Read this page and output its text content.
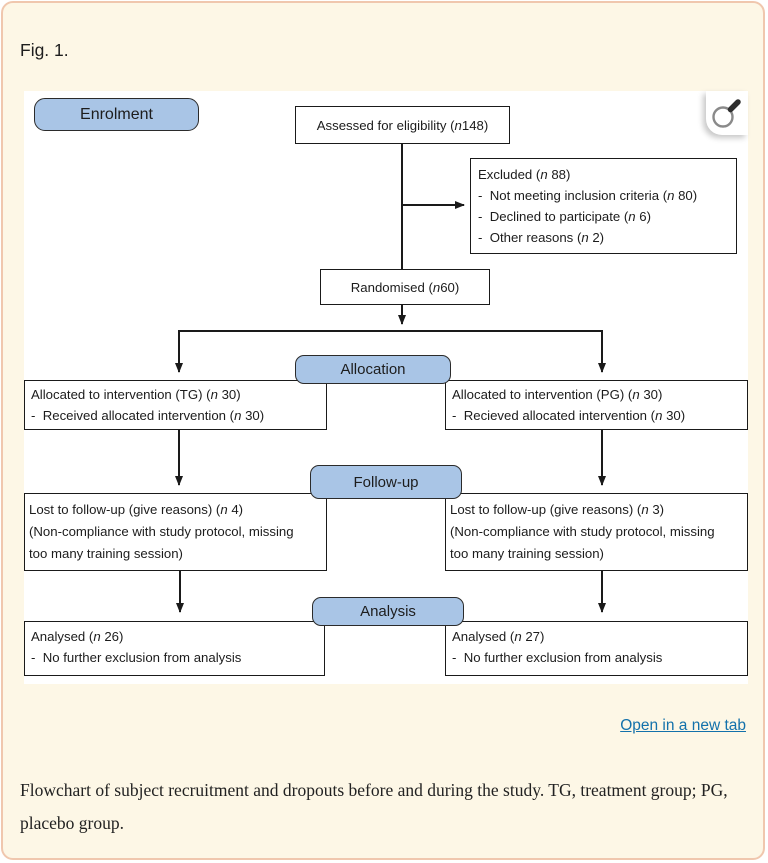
Fig. 1.
Enrolment
Assessed for eligibility ( n 148)
Excluded (n 88)
-  Not meeting inclusion criteria (n 80)
-  Declined to participate (n 6)
-  Other reasons (n 2)
Randomised ( n 60)
Allocation
Allocated to intervention (TG) (n 30)
-  Received allocated intervention (n 30)
Allocated to intervention (PG) (n 30)
-  Recieved allocated intervention (n 30)
Follow-up
Lost to follow-up (give reasons) (n 4)
(Non-compliance with study protocol, missing
too many training session)
Lost to follow-up (give reasons) (n 3)
(Non-compliance with study protocol, missing
too many training session)
Analysis
Analysed (n 26)
-  No further exclusion from analysis
Analysed (n 27)
-  No further exclusion from analysis
Open in a new tab

Flowchart of subject recruitment and dropouts before and during the study. TG, treatment group; PG, placebo group.
